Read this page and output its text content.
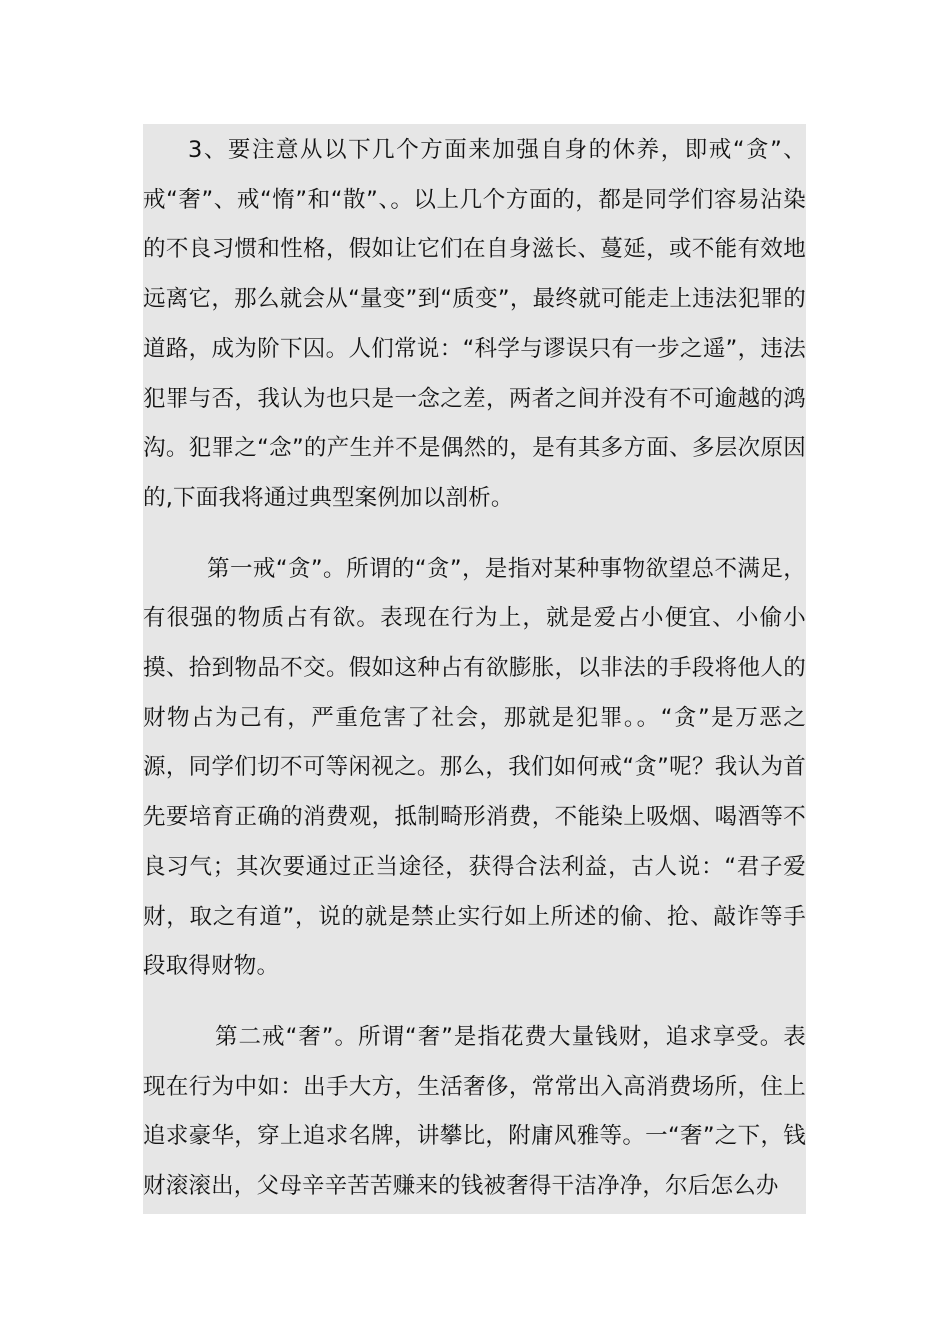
3、要注意从以下几个方面来加强自身的休养，即戒“贪”、戒“奢”、戒“惰”和“散”、。以上几个方面的，都是同学们容易沾染的不良习惯和性格，假如让它们在自身滋长、蔓延，或不能有效地远离它，那么就会从“量变”到“质变”，最终就可能走上违法犯罪的道路，成为阶下囚。人们常说：“科学与谬误只有一步之遥”，违法犯罪与否，我认为也只是一念之差，两者之间并没有不可逾越的鸿沟。犯罪之“念”的产生并不是偶然的，是有其多方面、多层次原因的,下面我将通过典型案例加以剖析。

第一戒“贪”。所谓的“贪”，是指对某种事物欲望总不满足，有很强的物质占有欲。表现在行为上，就是爱占小便宜、小偷小摸、拾到物品不交。假如这种占有欲膨胀，以非法的手段将他人的财物占为己有，严重危害了社会，那就是犯罪。。“贪”是万恶之源，同学们切不可等闲视之。那么，我们如何戒“贪”呢？我认为首先要培育正确的消费观，抵制畸形消费，不能染上吸烟、喝酒等不良习气；其次要通过正当途径，获得合法利益，古人说：“君子爱财，取之有道”，说的就是禁止实行如上所述的偷、抢、敲诈等手段取得财物。

第二戒“奢”。所谓“奢”是指花费大量钱财，追求享受。表现在行为中如：出手大方，生活奢侈，常常出入高消费场所，住上追求豪华，穿上追求名牌，讲攀比，附庸风雅等。一“奢”之下，钱财滚滚出，父母辛辛苦苦赚来的钱被奢得干洁净净，尔后怎么办
